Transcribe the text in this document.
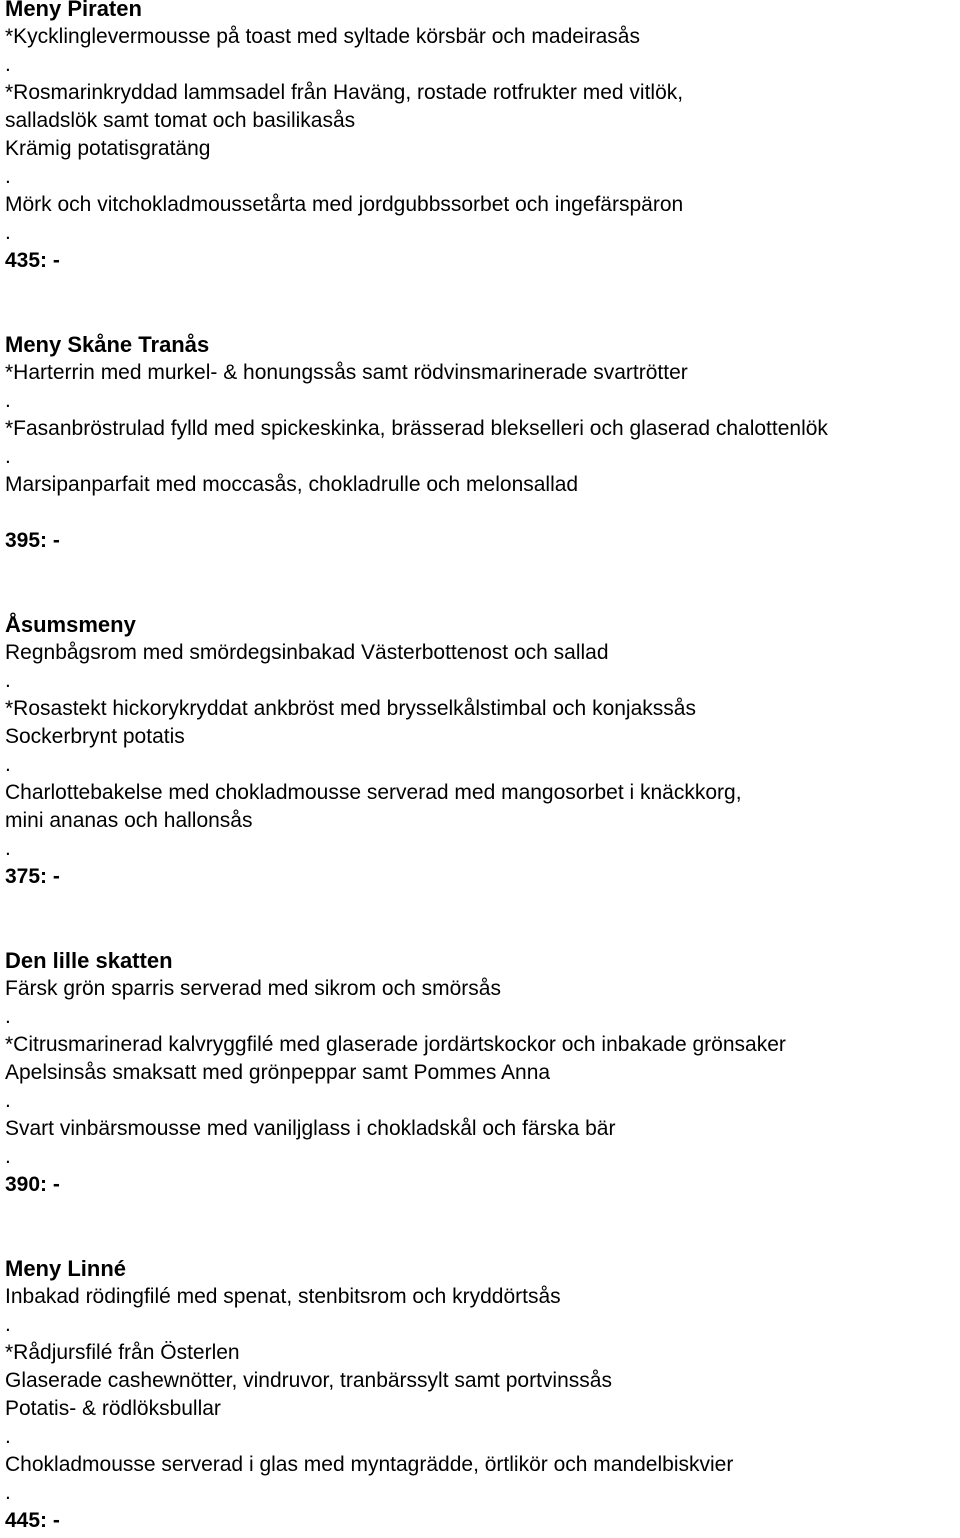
Meny Piraten
*Kycklinglevermousse på toast med syltade körsbär och madeirasås
.
*Rosmarinkryddad lammsadel från Haväng, rostade rotfrukter med vitlök,
salladslök samt tomat och basilikasås
Krämig potatisgratäng
.
Mörk och vitchokladmoussetårta med jordgubbssorbet och ingefärspäron
.
435: -
Meny Skåne Tranås
*Harterrin med murkel- & honungssås samt rödvinsmarinerade svartrötter
.
*Fasanbröstrulad fylld med spickeskinka, brässerad blekselleri och glaserad chalottenlök
.
Marsipanparfait med moccasås, chokladrulle och melonsallad
395: -
Åsumsmeny
Regnbågsrom med smördegsinbakad Västerbottenost och sallad
.
*Rosastekt hickorykryddat ankbröst med brysselkålstimbal och konjakssås
Sockerbrynt potatis
.
Charlottebakelse med chokladmousse serverad med mangosorbet i knäckkorg,
mini ananas och hallonsås
.
375: -
Den lille skatten
Färsk grön sparris serverad med sikrom och smörsås
.
*Citrusmarinerad kalvryggfilé med glaserade jordärtskockor och inbakade grönsaker
Apelsinsås smaksatt med grönpeppar samt Pommes Anna
.
Svart vinbärsmousse med vaniljglass i chokladskål och färska bär
.
390: -
Meny Linné
Inbakad rödingfilé med spenat, stenbitsrom och kryddörtsås
.
*Rådjursfilé från Österlen
Glaserade cashewnötter, vindruvor, tranbärssylt samt portvinssås
Potatis- & rödlöksbullar
.
Chokladmousse serverad i glas med myntagrädde, örtlikör och mandelbiskvier
.
445: -
